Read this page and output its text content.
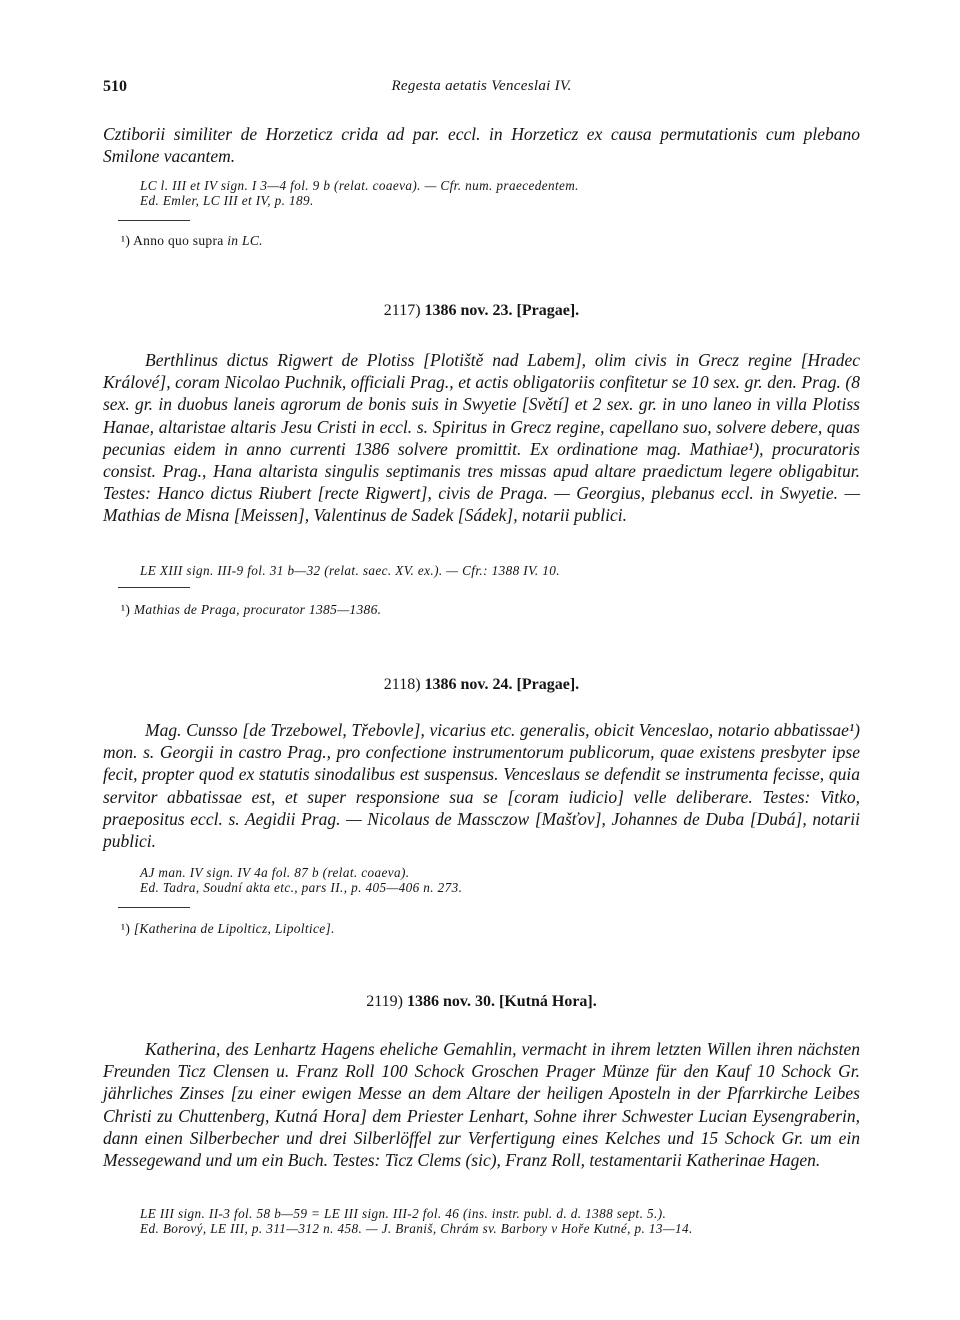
510	Regesta aetatis Venceslai IV.

Cztiborii similiter de Horzeticz crida ad par. eccl. in Horzeticz ex causa permutationis cum plebano Smilone vacantem.

LC l. III et IV sign. I 3—4 fol. 9 b (relat. coaeva). — Cfr. num. praecedentem.
Ed. Emler, LC III et IV, p. 189.
¹) Anno quo supra in LC.
2117) 1386 nov. 23. [Pragae].

Berthlinus dictus Rigwert de Plotiss [Plotiště nad Labem], olim civis in Grecz regine [Hradec Králové], coram Nicolao Puchnik, officiali Prag., et actis obligatoriis confitetur se 10 sex. gr. den. Prag. (8 sex. gr. in duobus laneis agrorum de bonis suis in Swyetie [Světí] et 2 sex. gr. in uno laneo in villa Plotiss Hanae, altaristae altaris Jesu Cristi in eccl. s. Spiritus in Grecz regine, capellano suo, solvere debere, quas pecunias eidem in anno currenti 1386 solvere promittit. Ex ordinatione mag. Mathiae¹), procuratoris consist. Prag., Hana altarista singulis septimanis tres missas apud altare praedictum legere obligabitur. Testes: Hanco dictus Riubert [recte Rigwert], civis de Praga. — Georgius, plebanus eccl. in Swyetie. — Mathias de Misna [Meissen], Valentinus de Sadek [Sádek], notarii publici.

LE XIII sign. III-9 fol. 31 b—32 (relat. saec. XV. ex.). — Cfr.: 1388 IV. 10.
¹) Mathias de Praga, procurator 1385—1386.
2118) 1386 nov. 24. [Pragae].

Mag. Cunsso [de Trzebowel, Třebovle], vicarius etc. generalis, obicit Venceslao, notario abbatissae¹) mon. s. Georgii in castro Prag., pro confectione instrumentorum publicorum, quae existens presbyter ipse fecit, propter quod ex statutis sinodalibus est suspensus. Venceslaus se defendit se instrumenta fecisse, quia servitor abbatissae est, et super responsione sua se [coram iudicio] velle deliberare. Testes: Vitko, praepositus eccl. s. Aegidii Prag. — Nicolaus de Massczow [Mašťov], Johannes de Duba [Dubá], notarii publici.

AJ man. IV sign. IV 4a fol. 87 b (relat. coaeva).
Ed. Tadra, Soudní akta etc., pars II., p. 405—406 n. 273.
¹) [Katherina de Lipolticz, Lipoltice].
2119) 1386 nov. 30. [Kutná Hora].

Katherina, des Lenhartz Hagens eheliche Gemahlin, vermacht in ihrem letzten Willen ihren nächsten Freunden Ticz Clensen u. Franz Roll 100 Schock Groschen Prager Münze für den Kauf 10 Schock Gr. jährliches Zinses [zu einer ewigen Messe an dem Altare der heiligen Aposteln in der Pfarrkirche Leibes Christi zu Chuttenberg, Kutná Hora] dem Priester Lenhart, Sohne ihrer Schwester Lucian Eysengraberin, dann einen Silberbecher und drei Silberlöffel zur Verfertigung eines Kelches und 15 Schock Gr. um ein Messegewand und um ein Buch. Testes: Ticz Clems (sic), Franz Roll, testamentarii Katherinae Hagen.

LE III sign. II-3 fol. 58 b—59 = LE III sign. III-2 fol. 46 (ins. instr. publ. d. d. 1388 sept. 5.).
Ed. Borový, LE III, p. 311—312 n. 458. — J. Braniš, Chrám sv. Barbory v Hoře Kutné, p. 13—14.
